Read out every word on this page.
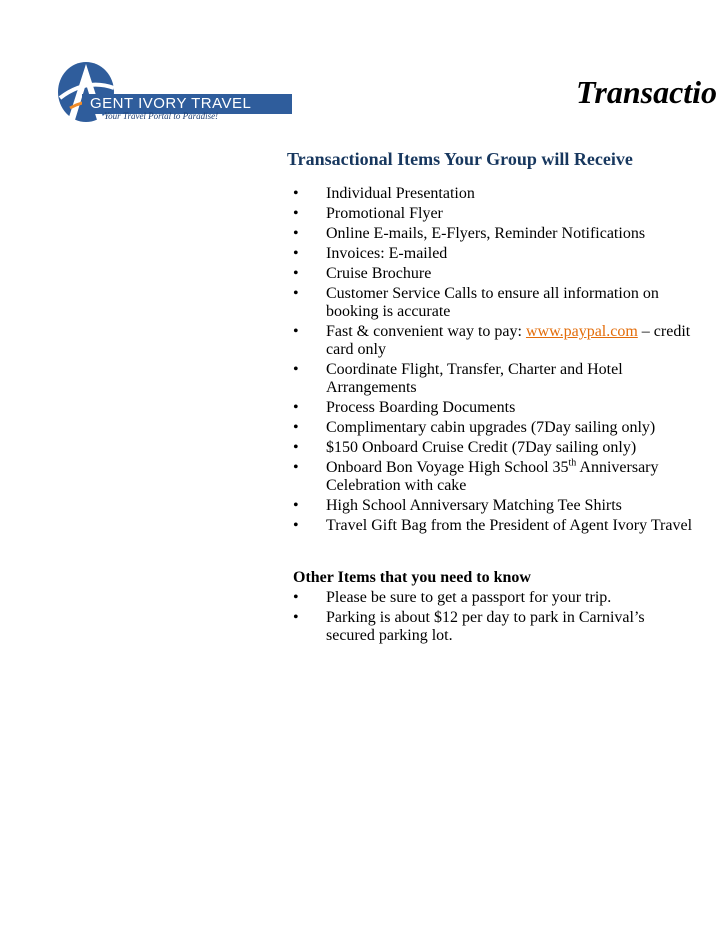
GENT IVORY TRAVEL
Your Travel Portal to Paradise!
Transactio
Transactional Items Your Group will Receive
• Individual Presentation
• Promotional Flyer
• Online E-mails, E-Flyers, Reminder Notifications
• Invoices: E-mailed
• Cruise Brochure
• Customer Service Calls to ensure all information on booking is accurate
• Fast & convenient way to pay: www.paypal.com – credit card only
• Coordinate Flight, Transfer, Charter and Hotel Arrangements
• Process Boarding Documents
• Complimentary cabin upgrades (7Day sailing only)
• $150 Onboard Cruise Credit (7Day sailing only)
• Onboard Bon Voyage High School 35th Anniversary Celebration with cake
• High School Anniversary Matching Tee Shirts
• Travel Gift Bag from the President of Agent Ivory Travel
Other Items that you need to know
• Please be sure to get a passport for your trip.
• Parking is about $12 per day to park in Carnival’s secured parking lot.
